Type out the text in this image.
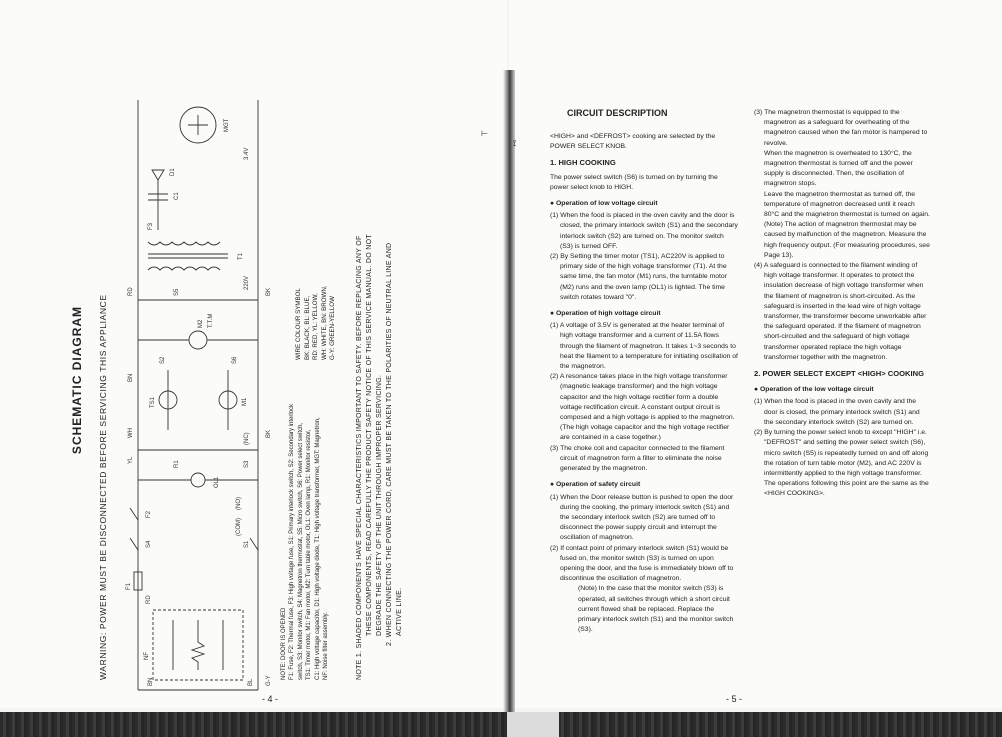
SCHEMATIC DIAGRAM WARNING: POWER MUST BE DISCONNECTED BEFORE SERVICING THIS APPLIANCE	NF
F1
BN	BL G-Y
RD
S4
F2
S1
(COM)
(NO)
OL1
R1	S3
(NC)
YL
WH	BK
S2	S6
TS1	M1
BN
M2 T.T.M
S5
RD	BK
220V
T1
C1
F3
D1
MGT
3.4V
NOTE: DOOR IS OPENED F1: Fuse, F2: Thermal fuse, F3: High voltage fuse, S1: Primary interlock switch, S2: Secondary interlock switch, S3: Monitor switch, S4: Magnetron thermostat, S5: Micro switch, S6: Power select switch, TS1: Timer motor, M1: Fan motor, M2: Turn table motor, OL1: Oven lamp, R1: Monitor resistor, C1: High voltage capacitor, D1: High voltage diode, T1: High voltage transformer, MGT: Magnetron, NF: Noise filter assembly.
WIRE COLOUR SYMBOL BK: BLACK, BL: BLUE, RD: RED, YL: YELLOW, WH: WHITE, BN: BROWN, G-Y: GREEN-YELLOW	NOTE 1. SHADED COMPONENTS HAVE SPECIAL CHARACTERISTICS IMPORTANT TO SAFETY. BEFORE REPLACING ANY OF THESE COMPONENTS, READ CAREFULLY THE PRODUCT SAFETY NOTICE OF THIS SERVICE MANUAL. DO NOT DEGRADE THE SAFETY OF THE UNIT THROUGH IMPROPER SERVICING. 2. WHEN CONNECTING THE POWER CORD, CARE MUST BE TAKEN TO THE POLARITIES OF NEUTRAL LINE AND ACTIVE LINE.
⊢
- 4 -
CIRCUIT DESCRIPTION
⟟

<HIGH> and <DEFROST> cooking are selected by the POWER SELECT KNOB.

1. HIGH COOKING

The power select switch (S6) is turned on by turning the power select knob to HIGH.

● Operation of low voltage circuit

(1) When the food is placed in the oven cavity and the door is closed, the primary interlock switch (S1) and the secondary interlock switch (S2) are turned on. The monitor switch (S3) is turned OFF.

(2) By Setting the timer motor (TS1), AC220V is applied to primary side of the high voltage transformer (T1). At the same time, the fan motor (M1) runs, the turntable motor (M2) runs and the oven lamp (OL1) is lighted. The time switch rotates toward "0".

● Operation of high voltage circuit

(1) A voltage of 3.5V is generated at the heater terminal of high voltage transformer and a current of 11.5A flows through the filament of magnetron. It takes 1~3 seconds to heat the filament to a temperature for initiating oscillation of the magnetron.

(2) A resonance takes place in the high voltage transformer (magnetic leakage transformer) and the high voltage capacitor and the high voltage rectifier form a double voltage rectification circuit. A constant output circuit is composed and a high voltage is applied to the magnetron. (The high voltage capacitor and the high voltage rectifier are contained in a case together.)

(3) The choke coil and capacitor connected to the filament circuit of magnetron form a filter to eliminate the noise generated by the magnetron.

● Operation of safety circuit

(1) When the Door release button is pushed to open the door during the cooking, the primary interlock switch (S1) and the secondary interlock switch (S2) are turned off to disconnect the power supply circuit and interrupt the oscillation of magnetron.

(2) If contact point of primary interlock switch (S1) would be fused on, the monitor switch (S3) is turned on upon opening the door, and the fuse is immediately blown off to discontinue the oscillation of magnetron.

(Note) In the case that the monitor switch (S3) is operated, all switches through which a short circuit current flowed shall be replaced. Replace the primary interlock switch (S1) and the monitor switch (S3).

(3) The magnetron thermostat is equipped to the magnetron as a safeguard for overheating of the magnetron caused when the fan motor is hampered to revolve.

When the magnetron is overheated to 130°C, the magnetron thermostat is turned off and the power supply is disconnected. Then, the oscillation of magnetron stops.

Leave the magnetron thermostat as turned off, the temperature of magnetron decreased until it reach 80°C and the magnetron thermostat is turned on again.

(Note) The action of magnetron thermostat may be caused by malfunction of the magnetron. Measure the high frequency output. (For measuring procedures, see Page 13).

(4) A safeguard is connected to the filament winding of high voltage transformer. It operates to protect the insulation decrease of high voltage transformer when the filament of magnetron is short-circuited. As the safeguard is inserted in the lead wire of high voltage transformer, the transformer become unworkable after the safeguard operated. If the filament of magnetron short-circuited and the safeguard of high voltage transformer operated replace the high voltage transformer together with the magnetron.

2. POWER SELECT EXCEPT <HIGH> COOKING
● Operation of the low voltage circuit

(1) When the food is placed in the oven cavity and the door is closed, the primary interlock switch (S1) and the secondary interlock switch (S2) are turned on.

(2) By turning the power select knob to except "HIGH" i.e. "DEFROST" and setting the power select switch (S6), micro switch (S5) is repeatedly turned on and off along the rotation of turn table motor (M2), and AC 220V is intermittently applied to the high voltage transformer.

The operations following this point are the same as the <HIGH COOKING>.

- 5 -
